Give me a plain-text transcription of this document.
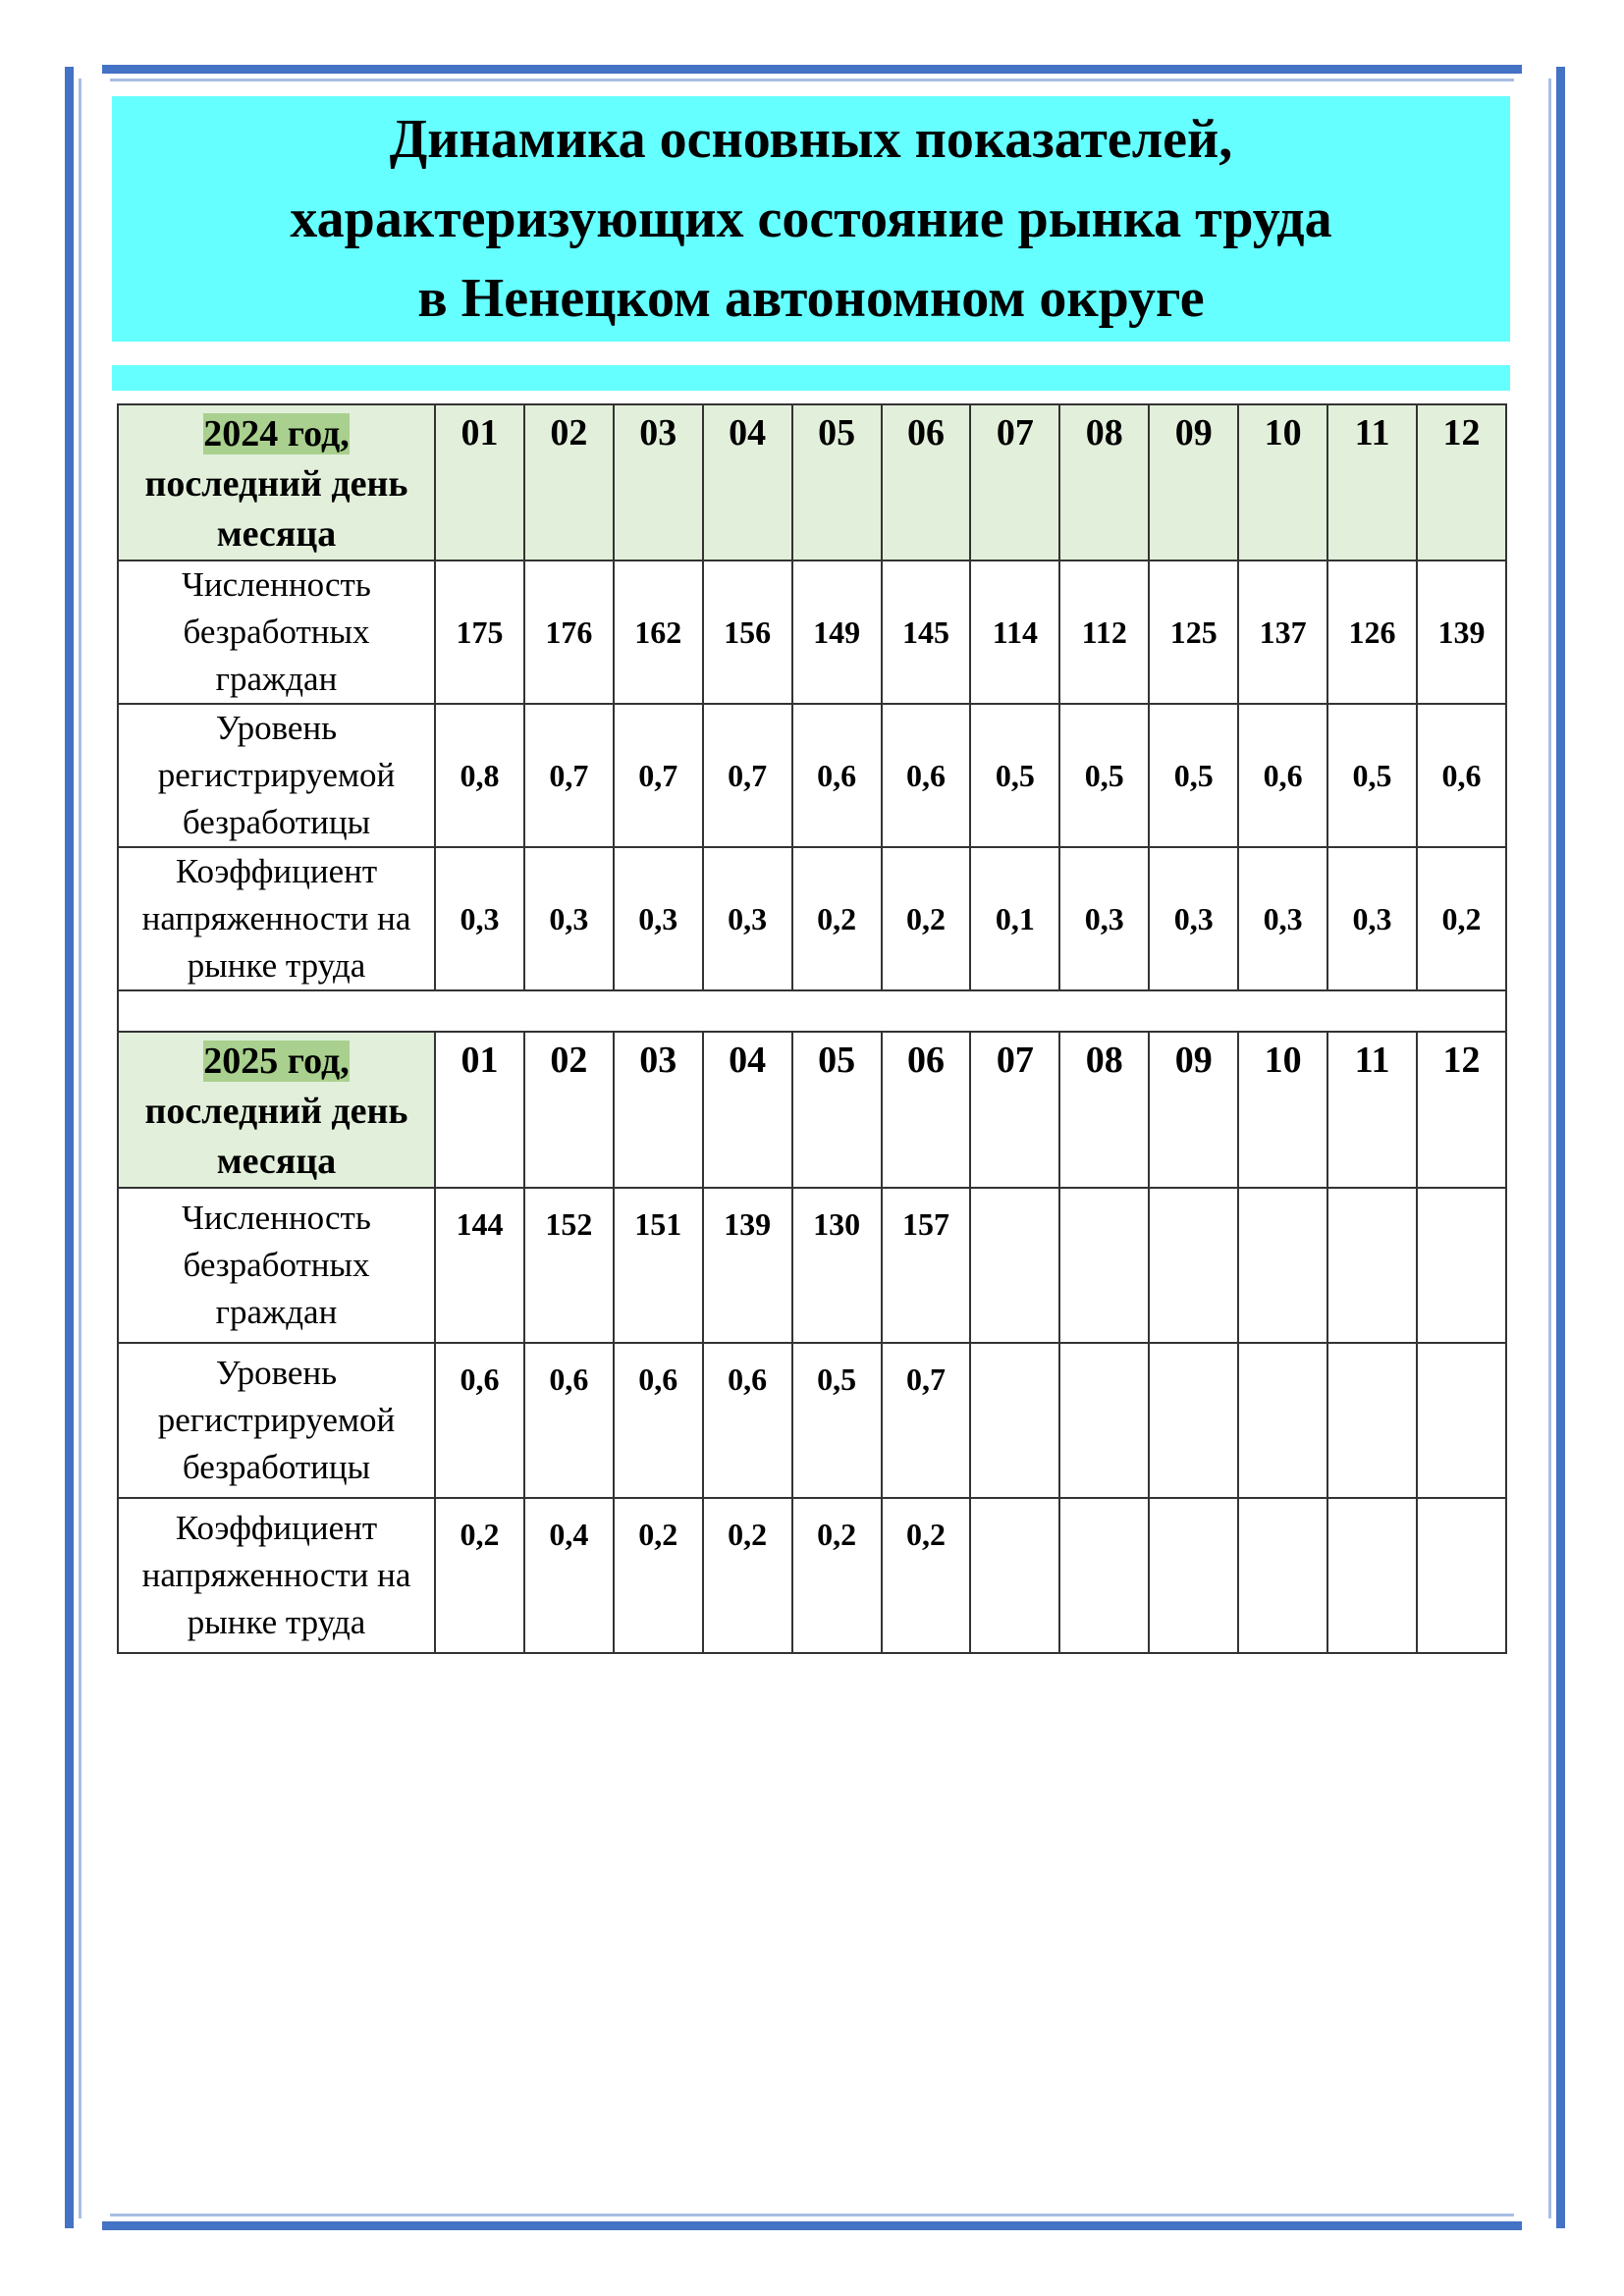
Динамика основных показателей,
характеризующих состояние рынка труда
в Ненецком автономном округе
2024 год,
последний день месяца	01	02	03	04	05	06	07	08	09	10	11	12
Численность безработных граждан	175	176	162	156	149	145	114	112	125	137	126	139
Уровень регистрируемой безработицы	0,8	0,7	0,7	0,7	0,6	0,6	0,5	0,5	0,5	0,6	0,5	0,6
Коэффициент напряженности на рынке труда	0,3	0,3	0,3	0,3	0,2	0,2	0,1	0,3	0,3	0,3	0,3	0,2

2025 год,
последний день месяца	01	02	03	04	05	06	07	08	09	10	11	12
Численность безработных граждан	144	152	151	139	130	157						
Уровень регистрируемой безработицы	0,6	0,6	0,6	0,6	0,5	0,7						
Коэффициент напряженности на рынке труда	0,2	0,4	0,2	0,2	0,2	0,2						
